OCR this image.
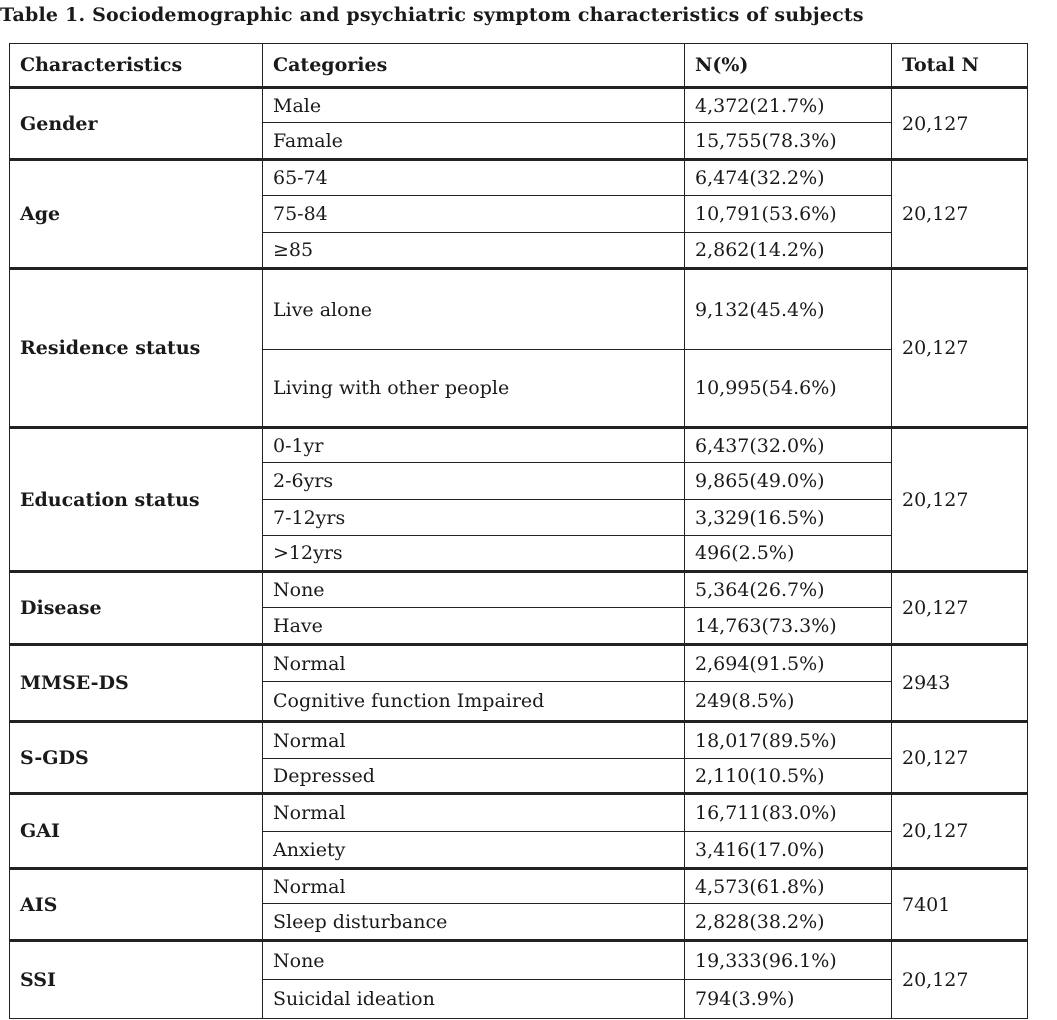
Table 1. Sociodemographic and psychiatric symptom characteristics of subjects
Characteristics	Categories	N(%)	Total N
Gender	Male	4,372(21.7%)	20,127
	Famale	15,755(78.3%)	
Age	65-74	6,474(32.2%)	20,127
	75-84	10,791(53.6%)	
	≥85	2,862(14.2%)	
Residence status	Live alone	9,132(45.4%)	20,127
	Living with other people	10,995(54.6%)	
Education status	0-1yr	6,437(32.0%)	20,127
	2-6yrs	9,865(49.0%)	
	7-12yrs	3,329(16.5%)	
	>12yrs	496(2.5%)	
Disease	None	5,364(26.7%)	20,127
	Have	14,763(73.3%)	
MMSE-DS	Normal	2,694(91.5%)	2943
	Cognitive function Impaired	249(8.5%)	
S-GDS	Normal	18,017(89.5%)	20,127
	Depressed	2,110(10.5%)	
GAI	Normal	16,711(83.0%)	20,127
	Anxiety	3,416(17.0%)	
AIS	Normal	4,573(61.8%)	7401
	Sleep disturbance	2,828(38.2%)	
SSI	None	19,333(96.1%)	20,127
	Suicidal ideation	794(3.9%)	
